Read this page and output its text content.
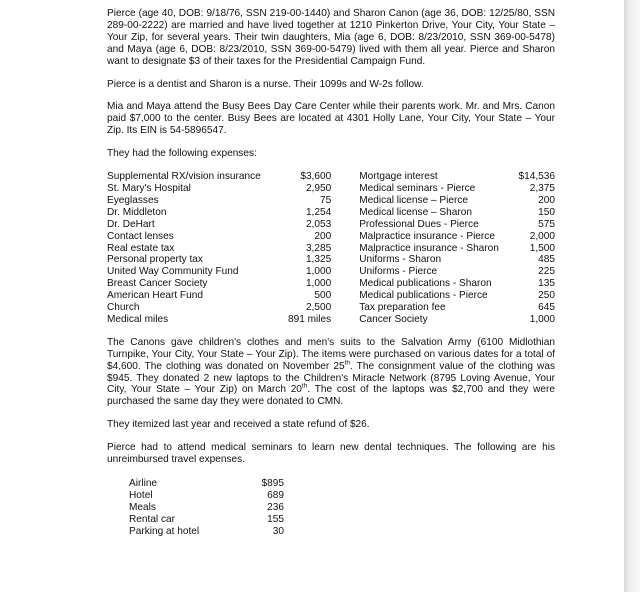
Pierce (age 40, DOB: 9/18/76, SSN 219-00-1440) and Sharon Canon (age 36, DOB: 12/25/80, SSN 289-00-2222) are married and have lived together at 1210 Pinkerton Drive, Your City, Your State – Your Zip, for several years. Their twin daughters, Mia (age 6, DOB: 8/23/2010, SSN 369-00-5478) and Maya (age 6, DOB: 8/23/2010, SSN 369-00-5479) lived with them all year. Pierce and Sharon want to designate $3 of their taxes for the Presidential Campaign Fund.

Pierce is a dentist and Sharon is a nurse. Their 1099s and W-2s follow.

Mia and Maya attend the Busy Bees Day Care Center while their parents work. Mr. and Mrs. Canon paid $7,000 to the center. Busy Bees are located at 4301 Holly Lane, Your City, Your State – Your Zip. Its EIN is 54-5896547.

They had the following expenses:

Supplemental RX/vision insurance	$3,600		Mortgage interest	$14,536
St. Mary's Hospital	2,950		Medical seminars - Pierce	2,375
Eyeglasses	75		Medical license – Pierce	200
Dr. Middleton	1,254		Medical license – Sharon	150
Dr. DeHart	2,053		Professional Dues - Pierce	575
Contact lenses	200		Malpractice insurance - Pierce	2,000
Real estate tax	3,285		Malpractice insurance - Sharon	1,500
Personal property tax	1,325		Uniforms - Sharon	485
United Way Community Fund	1,000		Uniforms - Pierce	225
Breast Cancer Society	1,000		Medical publications - Sharon	135
American Heart Fund	500		Medical publications - Pierce	250
Church	2,500		Tax preparation fee	645
Medical miles	891 miles		Cancer Society	1,000

The Canons gave children's clothes and men's suits to the Salvation Army (6100 Midlothian Turnpike, Your City, Your State – Your Zip). The items were purchased on various dates for a total of $4,600. The clothing was donated on November 25th. The consignment value of the clothing was $945. They donated 2 new laptops to the Children's Miracle Network (8795 Loving Avenue, Your City, Your State – Your Zip) on March 20th. The cost of the laptops was $2,700 and they were purchased the same day they were donated to CMN.

They itemized last year and received a state refund of $26.

Pierce had to attend medical seminars to learn new dental techniques. The following are his unreimbursed travel expenses.

Airline	$895
Hotel	689
Meals	236
Rental car	155
Parking at hotel	30
